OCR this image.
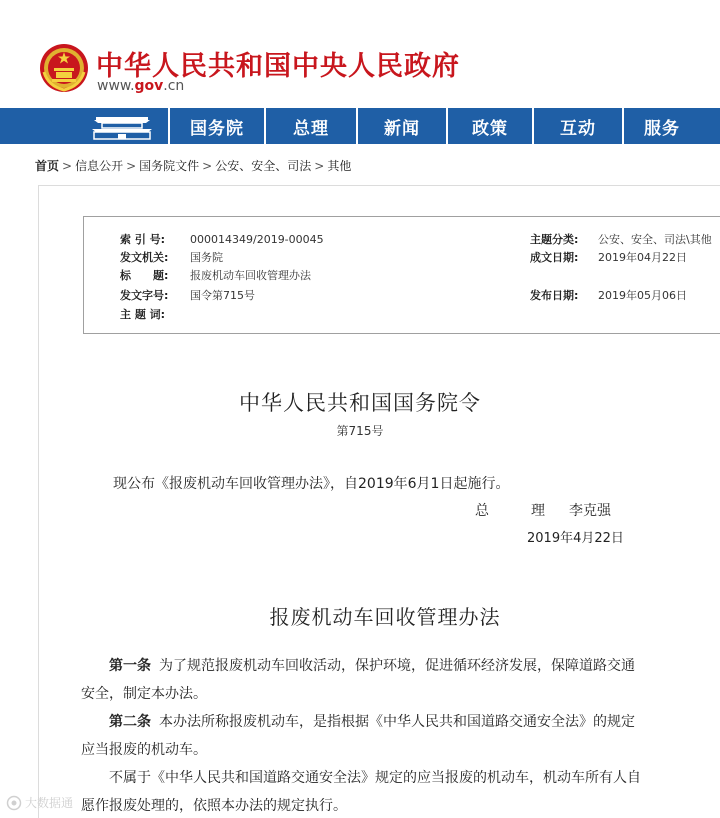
中华人民共和国中央人民政府
www.gov.cn
国务院	总理	新闻	政策	互动	服务
首页 > 信息公开 > 国务院文件 > 公安、安全、司法 > 其他
索 引 号:	000014349/2019-00045
发文机关:	国务院
标　　题:	报废机动车回收管理办法
发文字号:	国令第715号
主 题 词:
主题分类:	公安、安全、司法\其他
成文日期:	2019年04月22日
发布日期:	2019年05月06日
中华人民共和国国务院令
第715号
现公布《报废机动车回收管理办法》，自2019年6月1日起施行。
总　理 李克强
2019年4月22日
报废机动车回收管理办法
第一条 为了规范报废机动车回收活动，保护环境，促进循环经济发展，保障道路交通
安全，制定本办法。
第二条 本办法所称报废机动车，是指根据《中华人民共和国道路交通安全法》的规定
应当报废的机动车。
不属于《中华人民共和国道路交通安全法》规定的应当报废的机动车，机动车所有人自
愿作报废处理的，依照本办法的规定执行。
大数据通
